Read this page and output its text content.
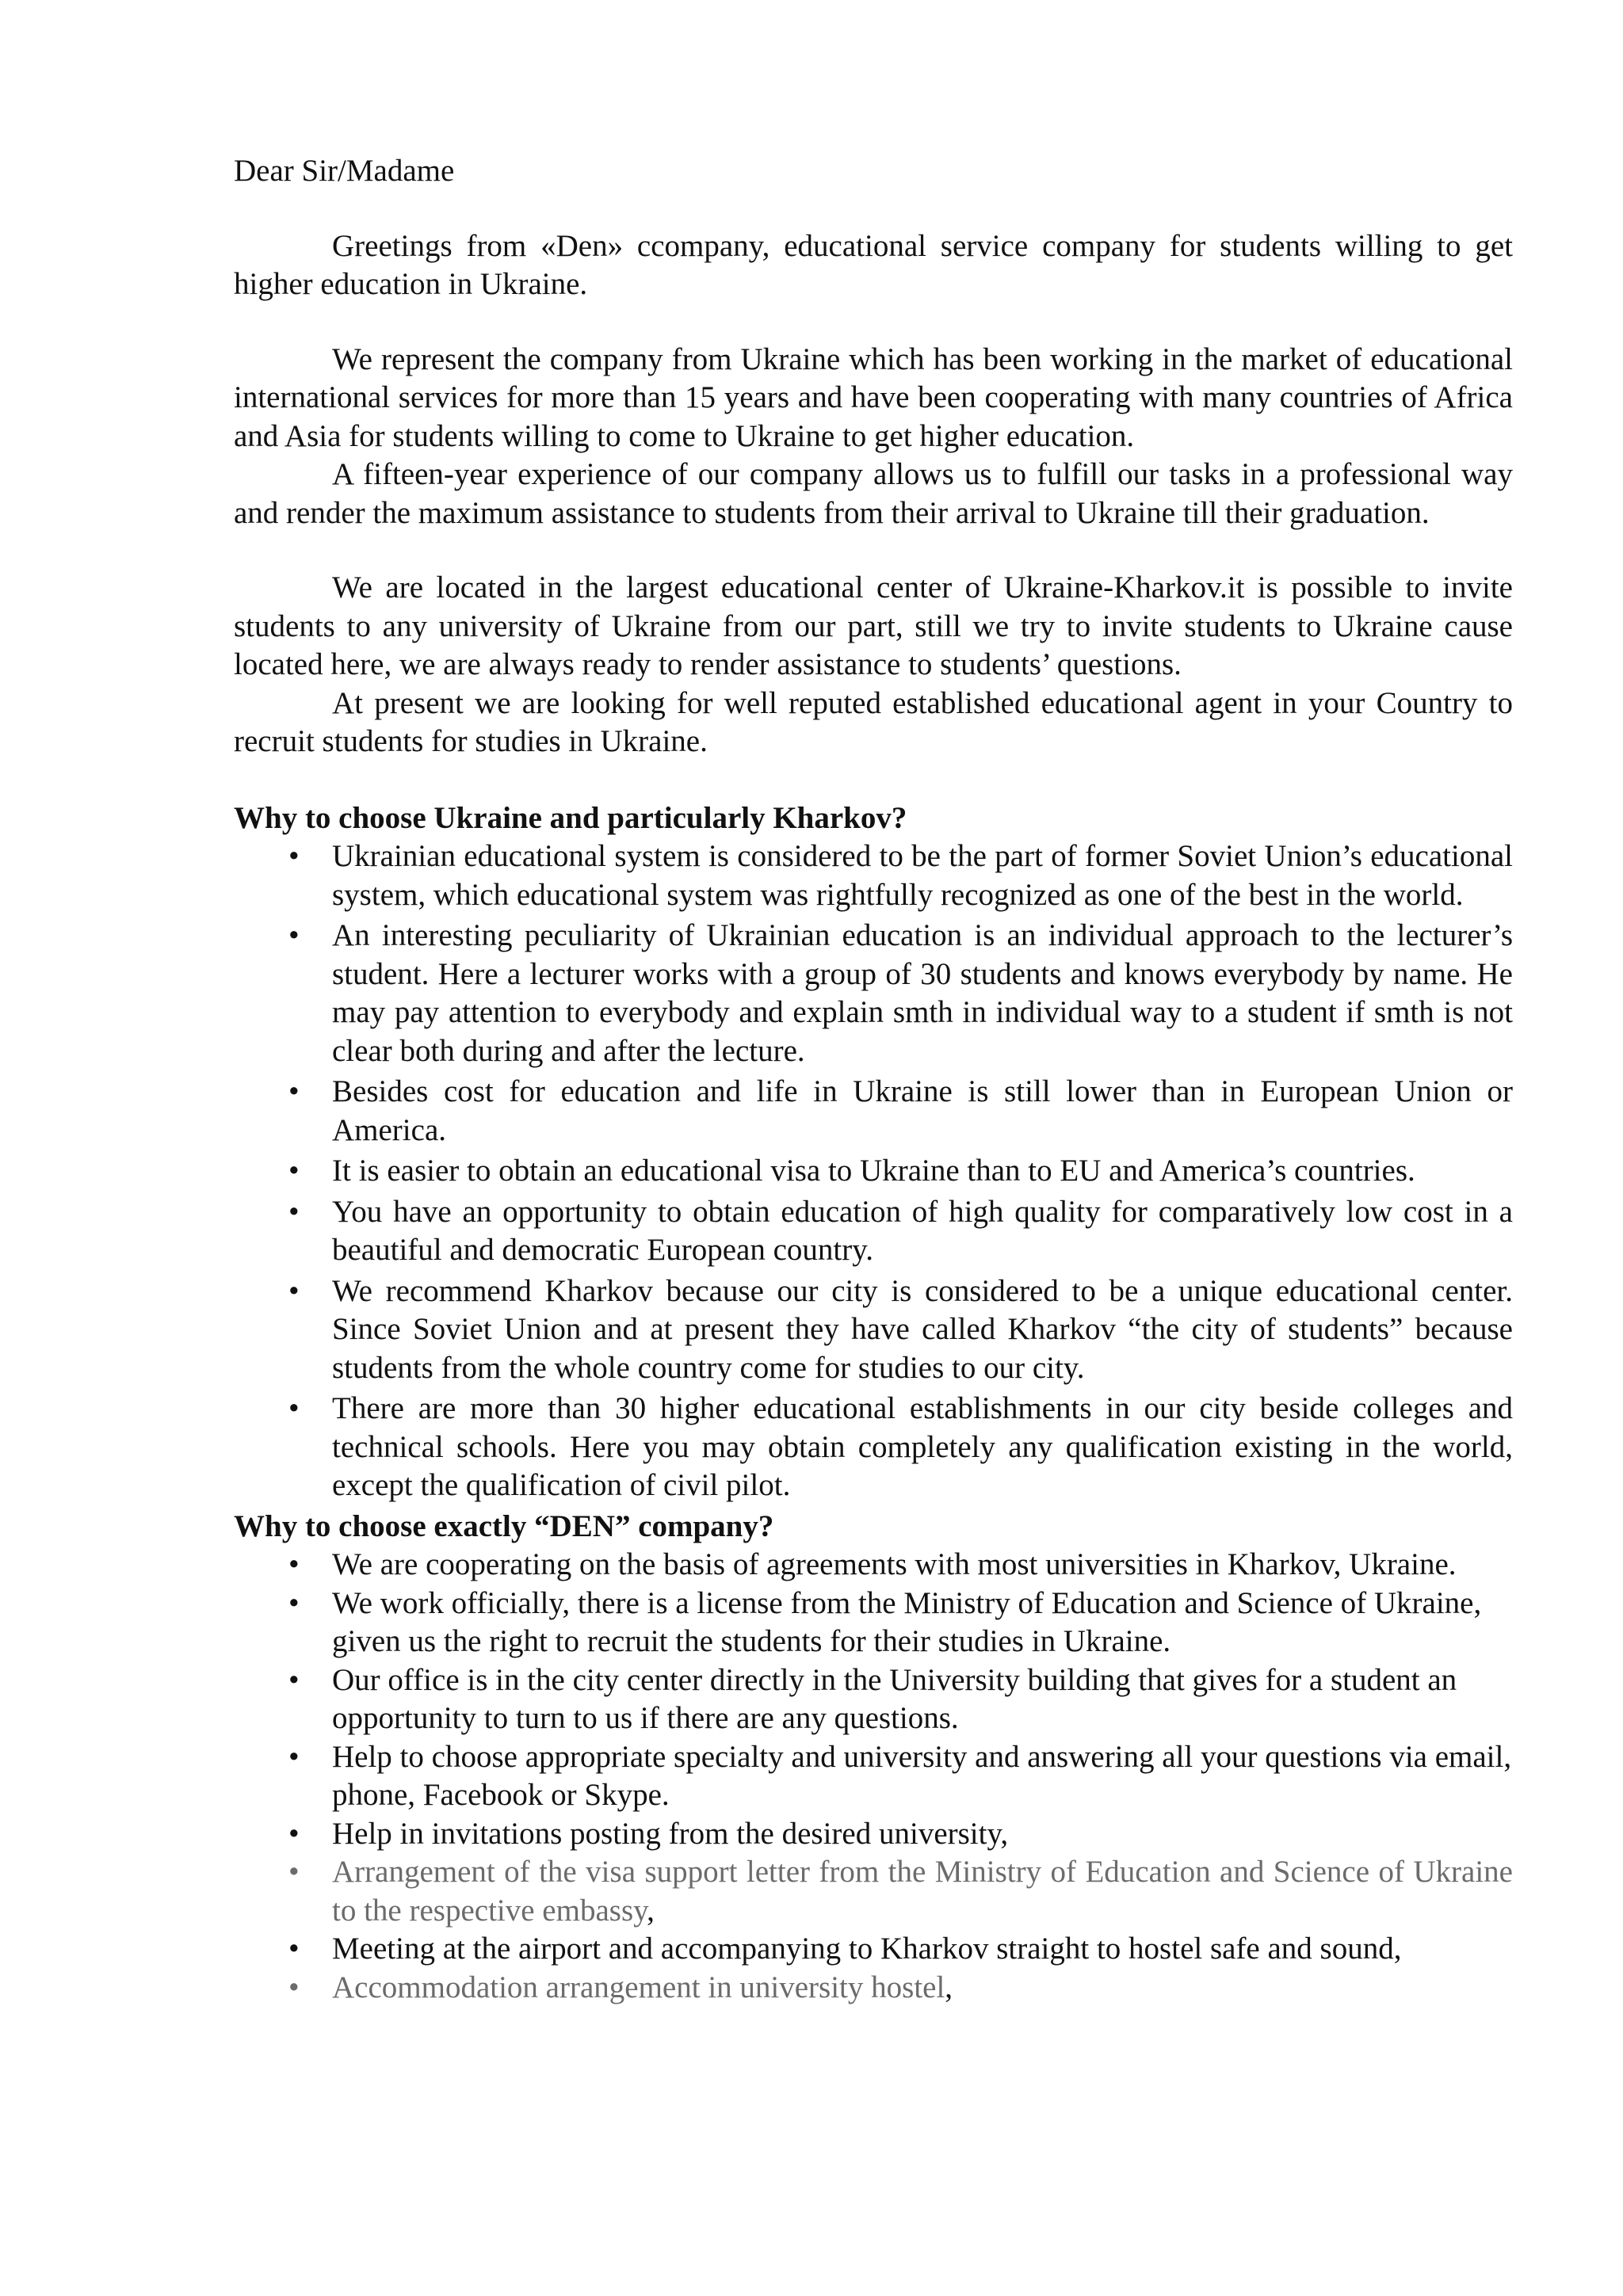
Dear Sir/Madame

Greetings from «Den» ccompany, educational service company for students willing to get higher education in Ukraine.

We represent the company from Ukraine which has been working in the market of educational international services for more than 15 years and have been cooperating with many countries of Africa and Asia for students willing to come to Ukraine to get higher education.

A fifteen-year experience of our company allows us to fulfill our tasks in a professional way and render the maximum assistance to students from their arrival to Ukraine till their graduation.

We are located in the largest educational center of Ukraine-Kharkov.it is possible to invite students to any university of Ukraine from our part, still we try to invite students to Ukraine cause located here, we are always ready to render assistance to students’ questions.

At present we are looking for well reputed established educational agent in your Country to recruit students for studies in Ukraine.

Why to choose Ukraine and particularly Kharkov?
• Ukrainian educational system is considered to be the part of former Soviet Union’s educational system, which educational system was rightfully recognized as one of the best in the world.
• An interesting peculiarity of Ukrainian education is an individual approach to the lecturer’s student. Here a lecturer works with a group of 30 students and knows everybody by name. He may pay attention to everybody and explain smth in individual way to a student if smth is not clear both during and after the lecture.
• Besides cost for education and life in Ukraine is still lower than in European Union or America.
• It is easier to obtain an educational visa to Ukraine than to EU and America’s countries.
• You have an opportunity to obtain education of high quality for comparatively low cost in a beautiful and democratic European country.
• We recommend Kharkov because our city is considered to be a unique educational center. Since Soviet Union and at present they have called Kharkov “the city of students” because students from the whole country come for studies to our city.
• There are more than 30 higher educational establishments in our city beside colleges and technical schools. Here you may obtain completely any qualification existing in the world, except the qualification of civil pilot.
Why to choose exactly “DEN” company?
• We are cooperating on the basis of agreements with most universities in Kharkov, Ukraine.
• We work officially, there is a license from the Ministry of Education and Science of Ukraine, given us the right to recruit the students for their studies in Ukraine.
• Our office is in the city center directly in the University building that gives for a student an opportunity to turn to us if there are any questions.
• Help to choose appropriate specialty and university and answering all your questions via email, phone, Facebook or Skype.
• Help in invitations posting from the desired university,
• Arrangement of the visa support letter from the Ministry of Education and Science of Ukraine to the respective embassy,
• Meeting at the airport and accompanying to Kharkov straight to hostel safe and sound,
• Accommodation arrangement in university hostel,
